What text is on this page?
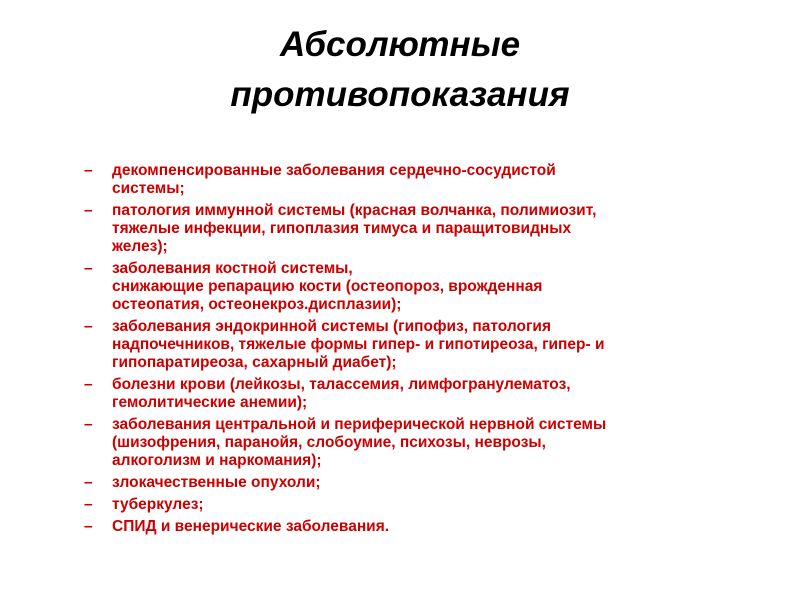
Абсолютные
противопоказания
– декомпенсированные заболевания сердечно-сосудистой
системы;
– патология иммунной системы (красная волчанка, полимиозит,
тяжелые инфекции, гипоплазия тимуса и паращитовидных
желез);
– заболевания костной системы,
снижающие репарацию кости (остеопороз, врожденная
остеопатия, остеонекроз.дисплазии);
– заболевания эндокринной системы (гипофиз, патология
надпочечников, тяжелые формы гипер- и гипотиреоза, гипер- и
гипопаратиреоза, сахарный диабет);
– болезни крови (лейкозы, талассемия, лимфогранулематоз,
гемолитические анемии);
– заболевания центральной и периферической нервной системы
(шизофрения, паранойя, слобоумие, психозы, неврозы,
алкоголизм и наркомания);
– злокачественные опухоли;
– туберкулез;
– СПИД и венерические заболевания.
